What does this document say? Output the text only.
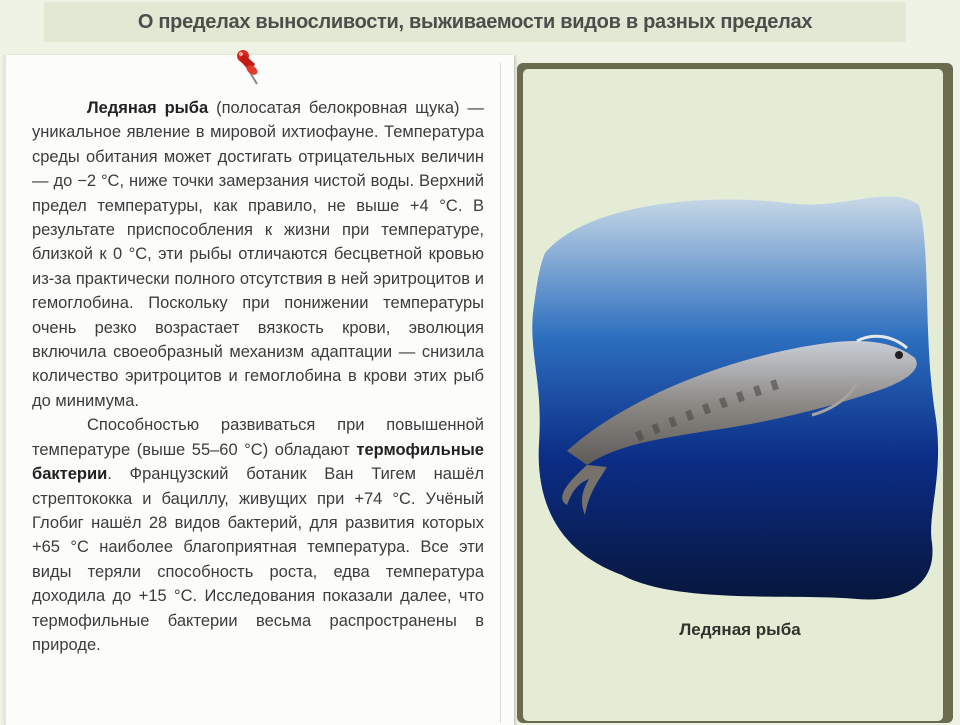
О пределах выносливости, выживаемости видов в разных пределах

Ледяная рыба (полосатая белокровная щука) — уникальное явление в мировой ихтиофауне. Температура среды обитания может достигать отрицательных величин — до −2 °С, ниже точки замерзания чистой воды. Верхний предел температуры, как правило, не выше +4 °С. В результате приспособления к жизни при температуре, близкой к 0 °С, эти рыбы отличаются бесцветной кровью из-за практически полного отсутствия в ней эритроцитов и гемоглобина. Поскольку при понижении температуры очень резко возрастает вязкость крови, эволюция включила своеобразный механизм адаптации — снизила количество эритроцитов и гемоглобина в крови этих рыб до минимума.

Способностью развиваться при повышенной температуре (выше 55–60 °С) обладают термофильные бактерии. Французский ботаник Ван Тигем нашёл стрептококка и бациллу, живущих при +74 °С. Учёный Глобиг нашёл 28 видов бактерий, для развития которых +65 °С наиболее благоприятная температура. Все эти виды теряли способность роста, едва температура доходила до +15 °С. Исследования показали далее, что термофильные бактерии весьма распространены в природе.

Ледяная рыба
